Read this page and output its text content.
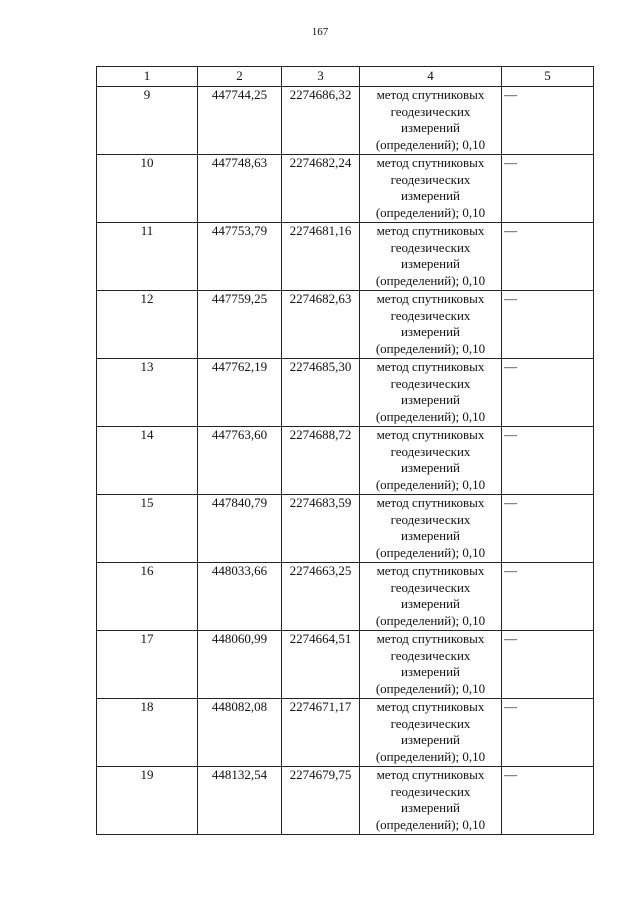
167
1	2	3	4	5
9	447744,25	2274686,32	метод спутниковых
геодезических
измерений
(определений); 0,10	—
10	447748,63	2274682,24	метод спутниковых
геодезических
измерений
(определений); 0,10	—
11	447753,79	2274681,16	метод спутниковых
геодезических
измерений
(определений); 0,10	—
12	447759,25	2274682,63	метод спутниковых
геодезических
измерений
(определений); 0,10	—
13	447762,19	2274685,30	метод спутниковых
геодезических
измерений
(определений); 0,10	—
14	447763,60	2274688,72	метод спутниковых
геодезических
измерений
(определений); 0,10	—
15	447840,79	2274683,59	метод спутниковых
геодезических
измерений
(определений); 0,10	—
16	448033,66	2274663,25	метод спутниковых
геодезических
измерений
(определений); 0,10	—
17	448060,99	2274664,51	метод спутниковых
геодезических
измерений
(определений); 0,10	—
18	448082,08	2274671,17	метод спутниковых
геодезических
измерений
(определений); 0,10	—
19	448132,54	2274679,75	метод спутниковых
геодезических
измерений
(определений); 0,10	—
